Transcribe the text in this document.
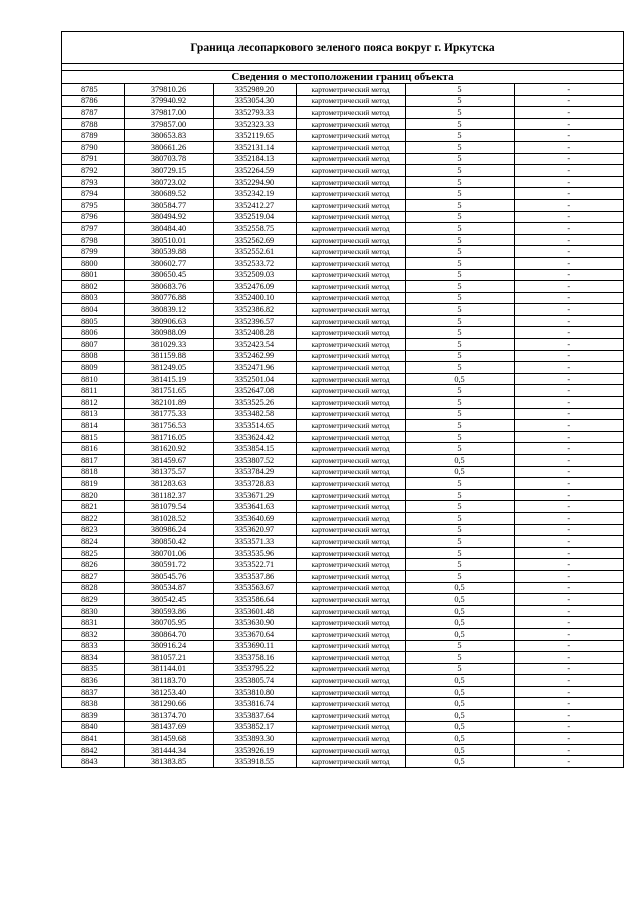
Граница лесопаркового зеленого пояса вокруг г. Иркутска
Сведения о местоположении границ объекта
8785	379810.26	3352989.20	картометрический метод	5	-
8786	379940.92	3353054.30	картометрический метод	5	-
8787	379817.00	3352793.33	картометрический метод	5	-
8788	379857.00	3352323.33	картометрический метод	5	-
8789	380653.83	3352119.65	картометрический метод	5	-
8790	380661.26	3352131.14	картометрический метод	5	-
8791	380703.78	3352184.13	картометрический метод	5	-
8792	380729.15	3352264.59	картометрический метод	5	-
8793	380723.02	3352294.90	картометрический метод	5	-
8794	380689.52	3352342.19	картометрический метод	5	-
8795	380584.77	3352412.27	картометрический метод	5	-
8796	380494.92	3352519.04	картометрический метод	5	-
8797	380484.40	3352558.75	картометрический метод	5	-
8798	380510.01	3352562.69	картометрический метод	5	-
8799	380539.88	3352552.61	картометрический метод	5	-
8800	380602.77	3352533.72	картометрический метод	5	-
8801	380650.45	3352509.03	картометрический метод	5	-
8802	380683.76	3352476.09	картометрический метод	5	-
8803	380776.88	3352400.10	картометрический метод	5	-
8804	380839.12	3352386.82	картометрический метод	5	-
8805	380906.63	3352396.57	картометрический метод	5	-
8806	380988.09	3352408.28	картометрический метод	5	-
8807	381029.33	3352423.54	картометрический метод	5	-
8808	381159.88	3352462.99	картометрический метод	5	-
8809	381249.05	3352471.96	картометрический метод	5	-
8810	381415.19	3352501.04	картометрический метод	0,5	-
8811	381751.65	3352647.08	картометрический метод	5	-
8812	382101.89	3353525.26	картометрический метод	5	-
8813	381775.33	3353482.58	картометрический метод	5	-
8814	381756.53	3353514.65	картометрический метод	5	-
8815	381716.05	3353624.42	картометрический метод	5	-
8816	381620.92	3353854.15	картометрический метод	5	-
8817	381459.67	3353807.52	картометрический метод	0,5	-
8818	381375.57	3353784.29	картометрический метод	0,5	-
8819	381283.63	3353728.83	картометрический метод	5	-
8820	381182.37	3353671.29	картометрический метод	5	-
8821	381079.54	3353641.63	картометрический метод	5	-
8822	381028.52	3353640.69	картометрический метод	5	-
8823	380986.24	3353620.97	картометрический метод	5	-
8824	380850.42	3353571.33	картометрический метод	5	-
8825	380701.06	3353535.96	картометрический метод	5	-
8826	380591.72	3353522.71	картометрический метод	5	-
8827	380545.76	3353537.86	картометрический метод	5	-
8828	380534.87	3353563.67	картометрический метод	0,5	-
8829	380542.45	3353586.64	картометрический метод	0,5	-
8830	380593.86	3353601.48	картометрический метод	0,5	-
8831	380705.95	3353630.90	картометрический метод	0,5	-
8832	380864.70	3353670.64	картометрический метод	0,5	-
8833	380916.24	3353690.11	картометрический метод	5	-
8834	381057.21	3353758.16	картометрический метод	5	-
8835	381144.01	3353795.22	картометрический метод	5	-
8836	381183.70	3353805.74	картометрический метод	0,5	-
8837	381253.40	3353810.80	картометрический метод	0,5	-
8838	381290.66	3353816.74	картометрический метод	0,5	-
8839	381374.70	3353837.64	картометрический метод	0,5	-
8840	381437.69	3353852.17	картометрический метод	0,5	-
8841	381459.68	3353893.30	картометрический метод	0,5	-
8842	381444.34	3353926.19	картометрический метод	0,5	-
8843	381383.85	3353918.55	картометрический метод	0,5	-
